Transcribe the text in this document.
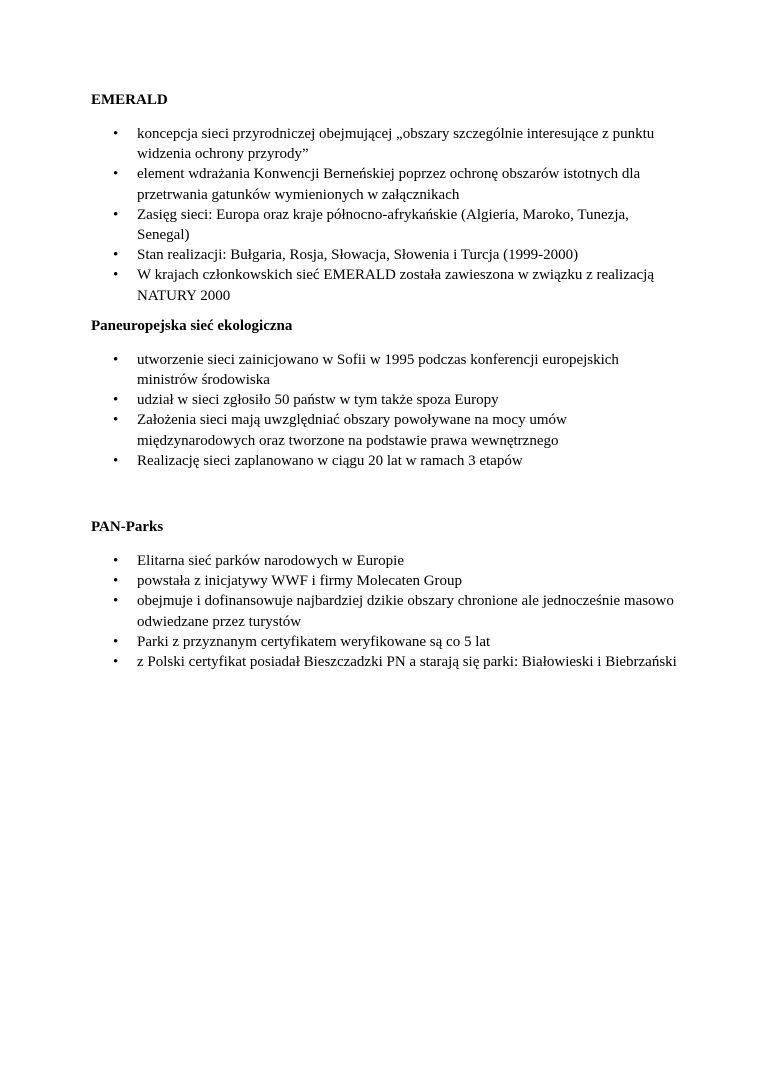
EMERALD

• koncepcja sieci przyrodniczej obejmującej „obszary szczególnie interesujące z punktu widzenia ochrony przyrody”
• element wdrażania Konwencji Berneńskiej poprzez ochronę obszarów istotnych dla przetrwania gatunków wymienionych w załącznikach
• Zasięg sieci: Europa oraz kraje północno-afrykańskie (Algieria, Maroko, Tunezja, Senegal)
• Stan realizacji: Bułgaria, Rosja, Słowacja, Słowenia i Turcja (1999-2000)
• W krajach członkowskich sieć EMERALD została zawieszona w związku z realizacją NATURY 2000

Paneuropejska sieć ekologiczna

• utworzenie sieci zainicjowano w Sofii w 1995 podczas konferencji europejskich ministrów środowiska
• udział w sieci zgłosiło 50 państw w tym także spoza Europy
• Założenia sieci mają uwzględniać obszary powoływane na mocy umów międzynarodowych oraz tworzone na podstawie prawa wewnętrznego
• Realizację sieci zaplanowano w ciągu 20 lat w ramach 3 etapów

PAN-Parks

• Elitarna sieć parków narodowych w Europie
• powstała z inicjatywy WWF i firmy Molecaten Group
• obejmuje i dofinansowuje najbardziej dzikie obszary chronione ale jednocześnie masowo odwiedzane przez turystów
• Parki z przyznanym certyfikatem weryfikowane są co 5 lat
• z Polski certyfikat posiadał Bieszczadzki PN a starają się parki: Białowieski i Biebrzański
